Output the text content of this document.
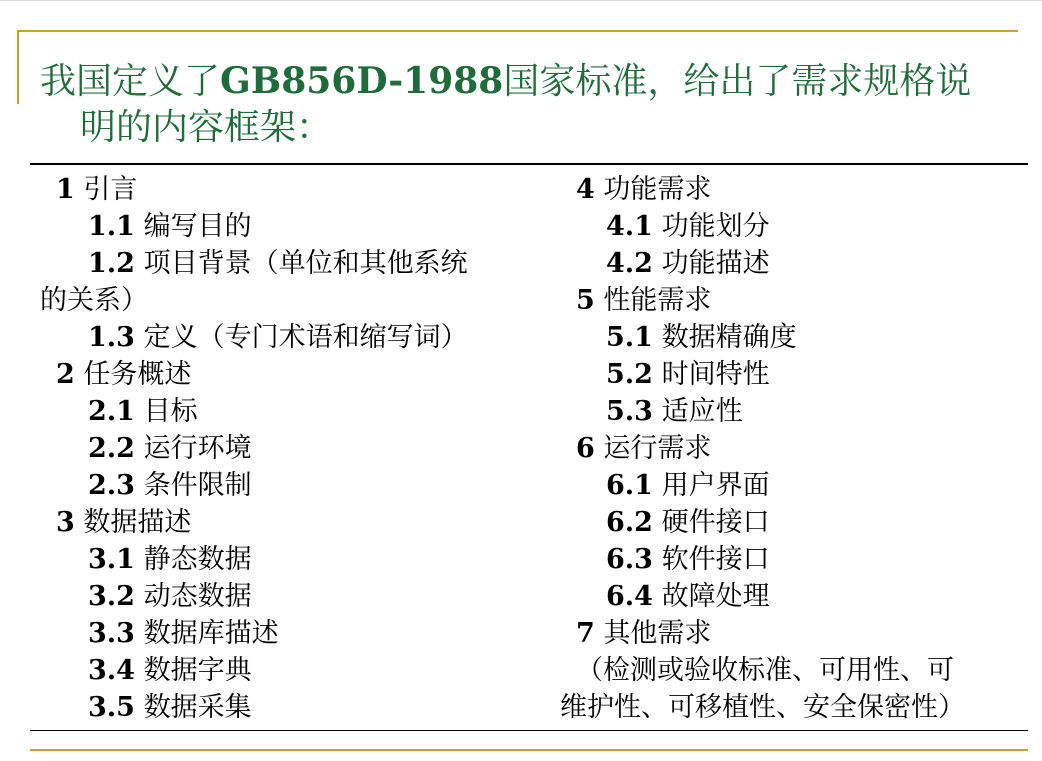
我国定义了GB856D-1988国家标准，给出了需求规格说
明的内容框架：
1 引言
1.1 编写目的
1.2 项目背景（单位和其他系统
的关系）
1.3 定义（专门术语和缩写词）
2 任务概述
2.1 目标
2.2 运行环境
2.3 条件限制
3 数据描述
3.1 静态数据
3.2 动态数据
3.3 数据库描述
3.4 数据字典
3.5 数据采集
4 功能需求
4.1 功能划分
4.2 功能描述
5 性能需求
5.1 数据精确度
5.2 时间特性
5.3 适应性
6 运行需求
6.1 用户界面
6.2 硬件接口
6.3 软件接口
6.4 故障处理
7 其他需求
（检测或验收标准、可用性、可
维护性、可移植性、安全保密性）
